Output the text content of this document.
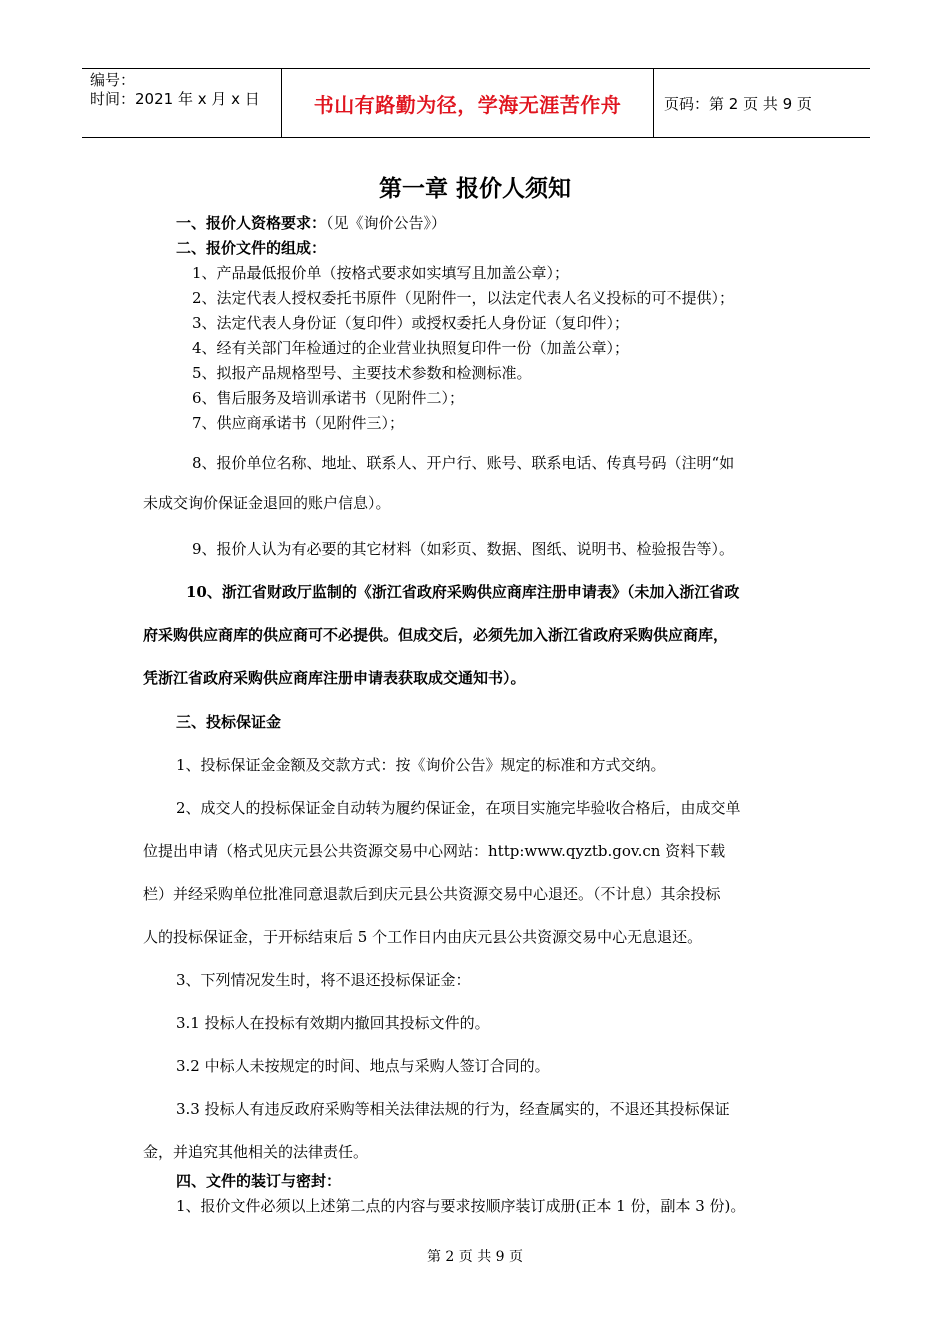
编号：
时间：2021 年 x 月 x 日	书山有路勤为径，学海无涯苦作舟	页码：第 2 页 共 9 页
第一章 报价人须知
一、报价人资格要求：（见《询价公告》）
二、报价文件的组成：
1、产品最低报价单（按格式要求如实填写且加盖公章）；
2、法定代表人授权委托书原件（见附件一，以法定代表人名义投标的可不提供）；
3、法定代表人身份证（复印件）或授权委托人身份证（复印件）；
4、经有关部门年检通过的企业营业执照复印件一份（加盖公章）；
5、拟报产品规格型号、主要技术参数和检测标准。
6、售后服务及培训承诺书（见附件二）；
7、供应商承诺书（见附件三）；
8、报价单位名称、地址、联系人、开户行、账号、联系电话、传真号码（注明“如
未成交询价保证金退回的账户信息）。
9、报价人认为有必要的其它材料（如彩页、数据、图纸、说明书、检验报告等）。
10、浙江省财政厅监制的《浙江省政府采购供应商库注册申请表》（未加入浙江省政
府采购供应商库的供应商可不必提供。但成交后，必须先加入浙江省政府采购供应商库，
凭浙江省政府采购供应商库注册申请表获取成交通知书）。
三、投标保证金
1、投标保证金金额及交款方式：按《询价公告》规定的标准和方式交纳。
2、成交人的投标保证金自动转为履约保证金，在项目实施完毕验收合格后，由成交单
位提出申请（格式见庆元县公共资源交易中心网站：http:www.qyztb.gov.cn 资料下载
栏）并经采购单位批准同意退款后到庆元县公共资源交易中心退还。（不计息）其余投标
人的投标保证金，于开标结束后 5 个工作日内由庆元县公共资源交易中心无息退还。
3、下列情况发生时，将不退还投标保证金：
3.1 投标人在投标有效期内撤回其投标文件的。
3.2 中标人未按规定的时间、地点与采购人签订合同的。
3.3 投标人有违反政府采购等相关法律法规的行为，经查属实的，不退还其投标保证
金，并追究其他相关的法律责任。
四、文件的装订与密封：
1、报价文件必须以上述第二点的内容与要求按顺序装订成册(正本 1 份，副本 3 份)。
第 2 页 共 9 页
